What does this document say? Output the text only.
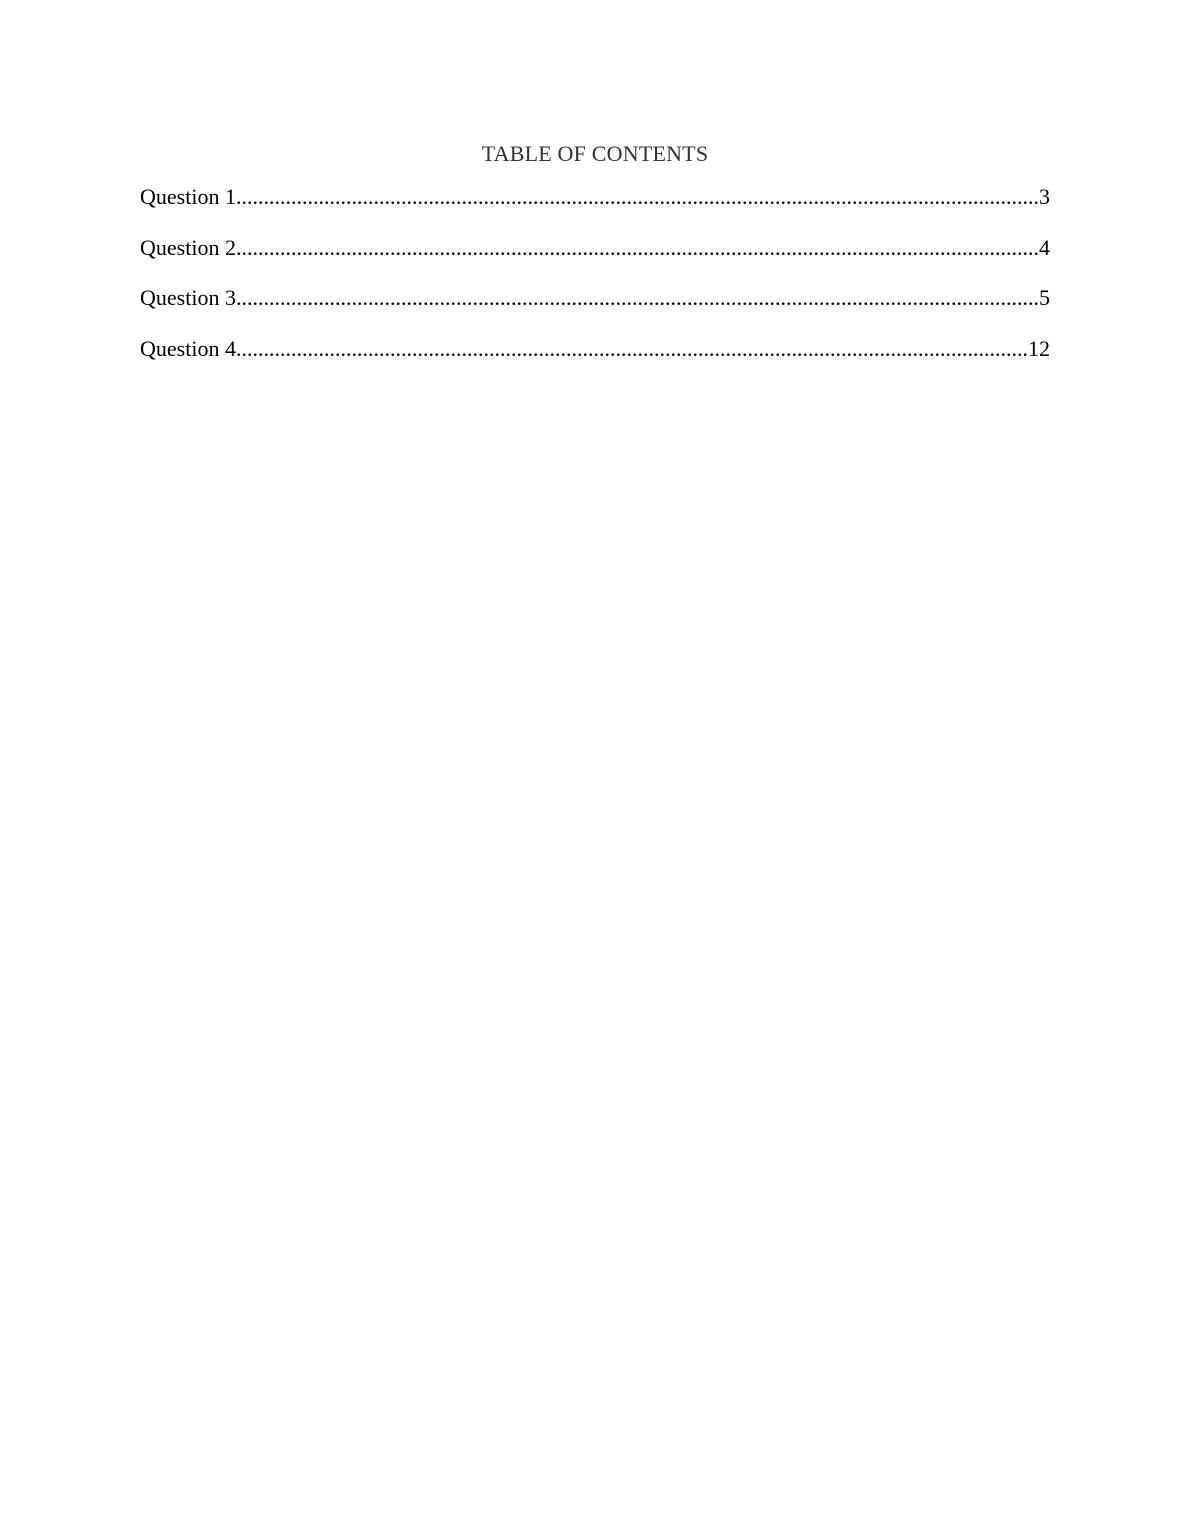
TABLE OF CONTENTS
Question 1 .....	3
Question 2 .....	4
Question 3 .....	5
Question 4 .....	12
